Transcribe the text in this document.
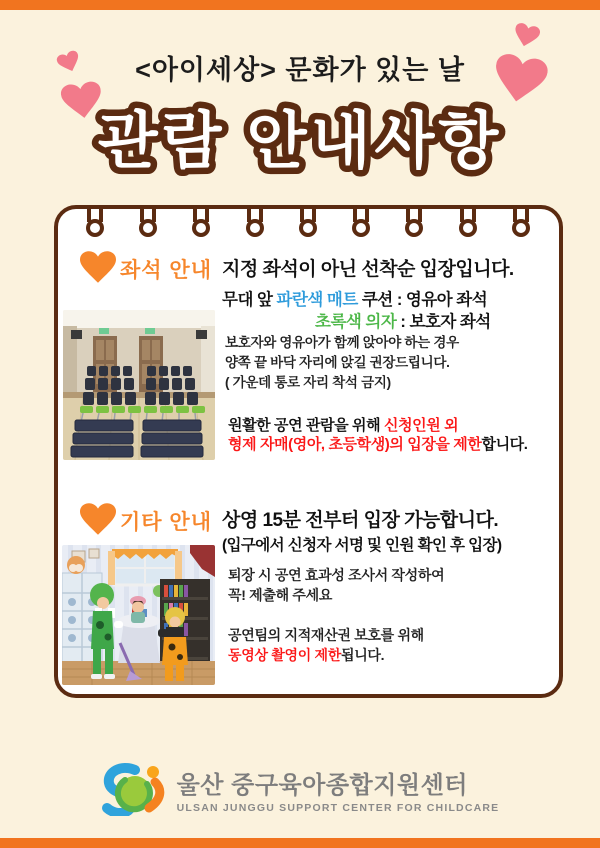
<아이세상> 문화가 있는 날
관람 안내사항
좌석 안내 지정 좌석이 아닌 선착순 입장입니다.
무대 앞 파란색 매트 쿠션 : 영유아 좌석
초록색 의자 : 보호자 좌석
보호자와 영유아가 함께 앉아야 하는 경우
양쪽 끝 바닥 자리에 앉길 권장드립니다.
( 가운데 통로 자리 착석 금지)
원활한 공연 관람을 위해 신청인원 외
형제 자매(영아, 초등학생)의 입장을 제한합니다.
기타 안내 상영 15분 전부터 입장 가능합니다.
(입구에서 신청자 서명 및 인원 확인 후 입장)
퇴장 시 공연 효과성 조사서 작성하여
꼭! 제출해 주세요
공연팀의 지적재산권 보호를 위해
동영상 촬영이 제한됩니다.
울산 중구육아종합지원센터
ULSAN JUNGGU SUPPORT CENTER FOR CHILDCARE
